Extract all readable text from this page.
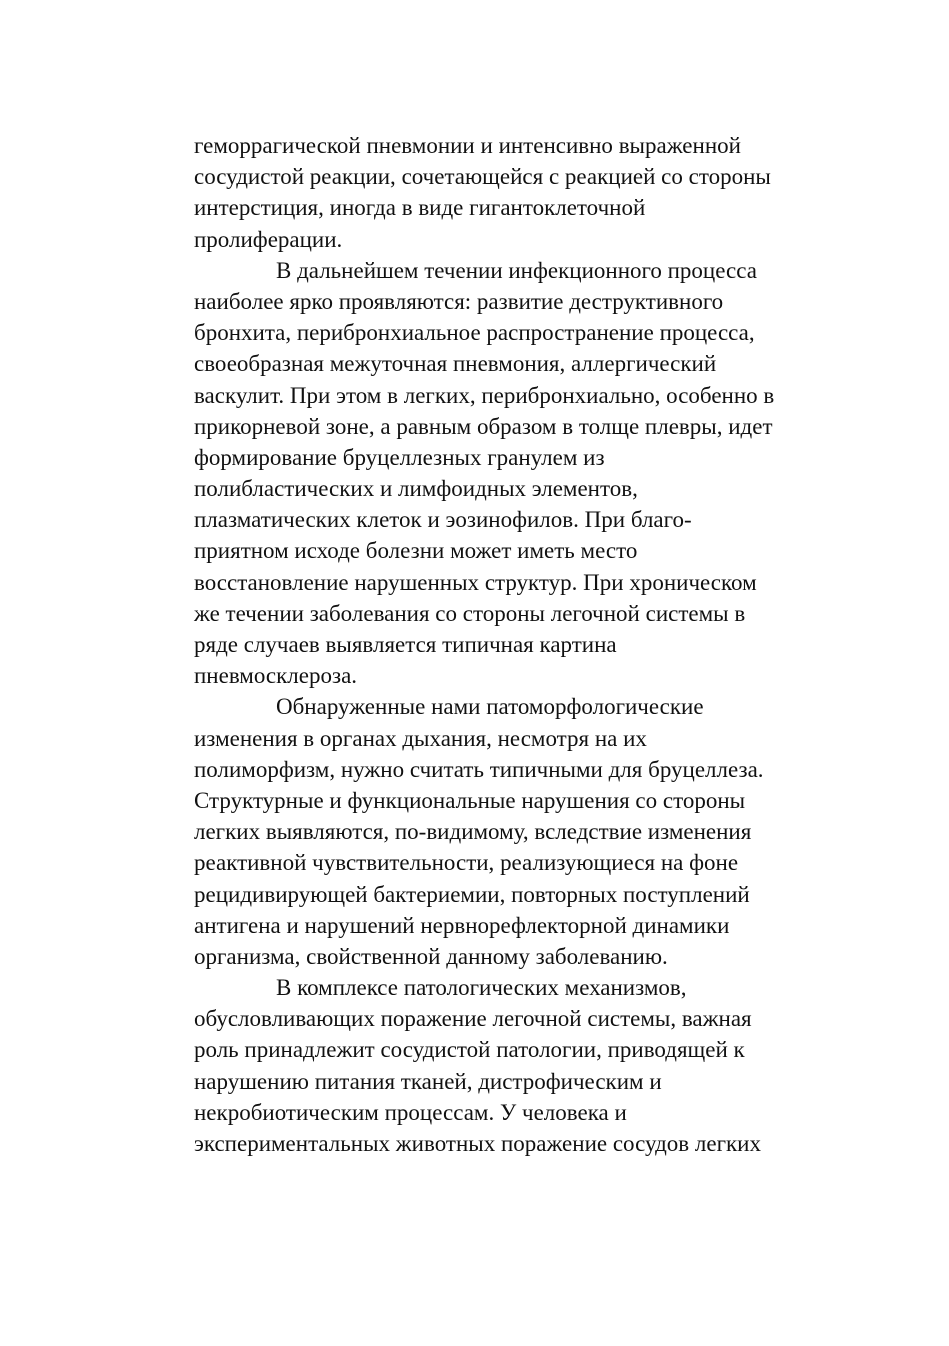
геморрагической пневмонии и интенсивно выраженной
сосудистой реакции, сочетающейся с реакцией со стороны
интерстиция, иногда в виде гигантоклеточной
пролиферации.
В дальнейшем течении инфекционного процесса
наиболее ярко проявляются: развитие деструктивного
бронхита, перибронхиальное распространение процесса,
своеобразная межуточная пневмония, аллергический
васкулит. При этом в легких, перибронхиально, особенно в
прикорневой зоне, а равным образом в толще плевры, идет
формирование бруцеллезных гранулем из
полибластических и лимфоидных элементов,
плазматических клеток и эозинофилов. При благо-
приятном исходе болезни может иметь место
восстановление нарушенных структур. При хроническом
же течении заболевания со стороны легочной системы в
ряде случаев выявляется типичная картина
пневмосклероза.
Обнаруженные нами патоморфологические
изменения в органах дыхания, несмотря на их
полиморфизм, нужно считать типичными для бруцеллеза.
Структурные и функциональные нарушения со стороны
легких выявляются, по-видимому, вследствие изменения
реактивной чувствительности, реализующиеся на фоне
рецидивирующей бактериемии, повторных поступлений
антигена и нарушений нервнорефлекторной динамики
организма, свойственной данному заболеванию.
В комплексе патологических механизмов,
обусловливающих поражение легочной системы, важная
роль принадлежит сосудистой патологии, приводящей к
нарушению питания тканей, дистрофическим и
некробиотическим процессам. У человека и
экспериментальных животных поражение сосудов легких
